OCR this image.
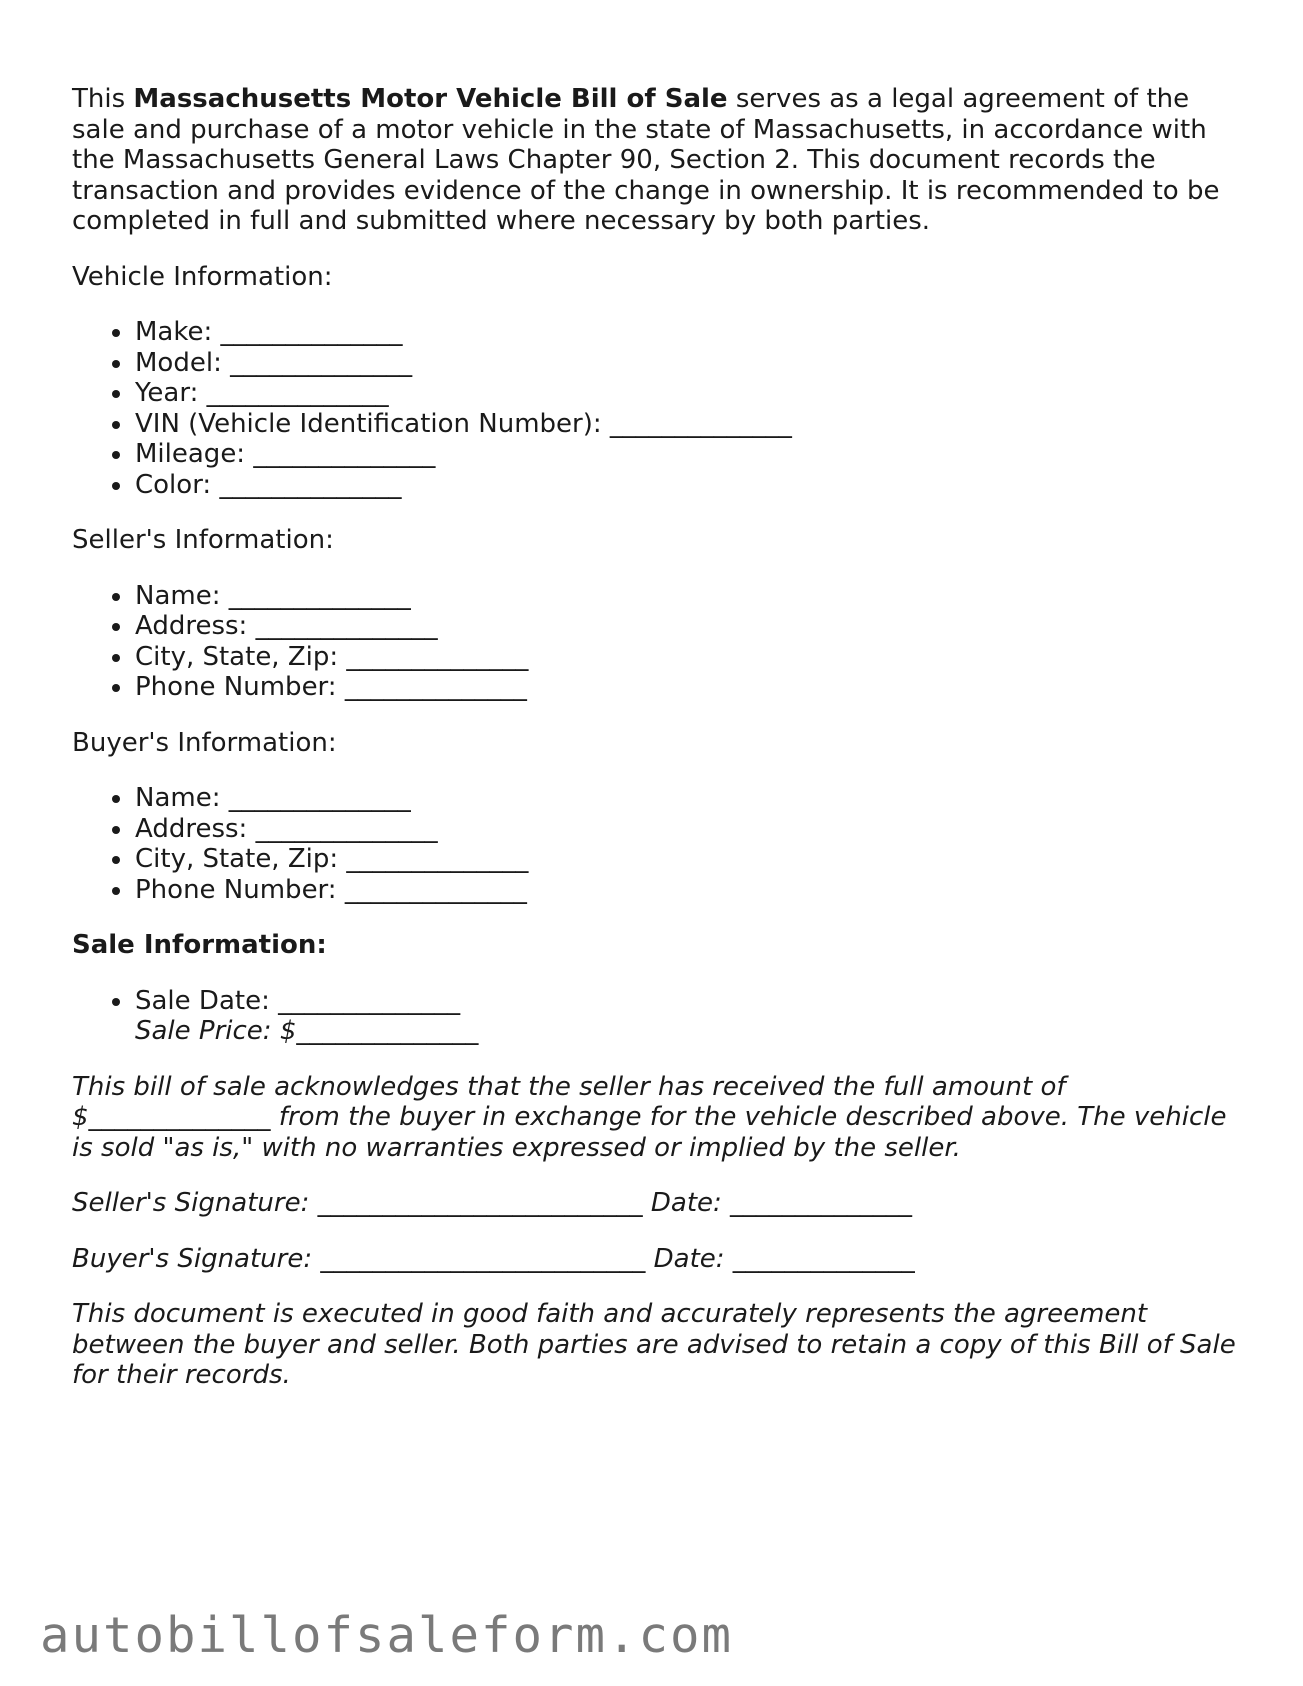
This Massachusetts Motor Vehicle Bill of Sale serves as a legal agreement of the sale and purchase of a motor vehicle in the state of Massachusetts, in accordance with the Massachusetts General Laws Chapter 90, Section 2. This document records the transaction and provides evidence of the change in ownership. It is recommended to be completed in full and submitted where necessary by both parties.

Vehicle Information:

Make: ______________
Model: ______________
Year: ______________
VIN (Vehicle Identification Number): ______________
Mileage: ______________
Color: ______________

Seller's Information:

Name: ______________
Address: ______________
City, State, Zip: ______________
Phone Number: ______________

Buyer's Information:

Name: ______________
Address: ______________
City, State, Zip: ______________
Phone Number: ______________

Sale Information:

Sale Date: ______________

Sale Price: $______________

This bill of sale acknowledges that the seller has received the full amount of $______________ from the buyer in exchange for the vehicle described above. The vehicle is sold "as is," with no warranties expressed or implied by the seller.

Seller's Signature: _________________________ Date: ______________

Buyer's Signature: _________________________ Date: ______________

This document is executed in good faith and accurately represents the agreement between the buyer and seller. Both parties are advised to retain a copy of this Bill of Sale for their records.

autobillofsaleform.com
